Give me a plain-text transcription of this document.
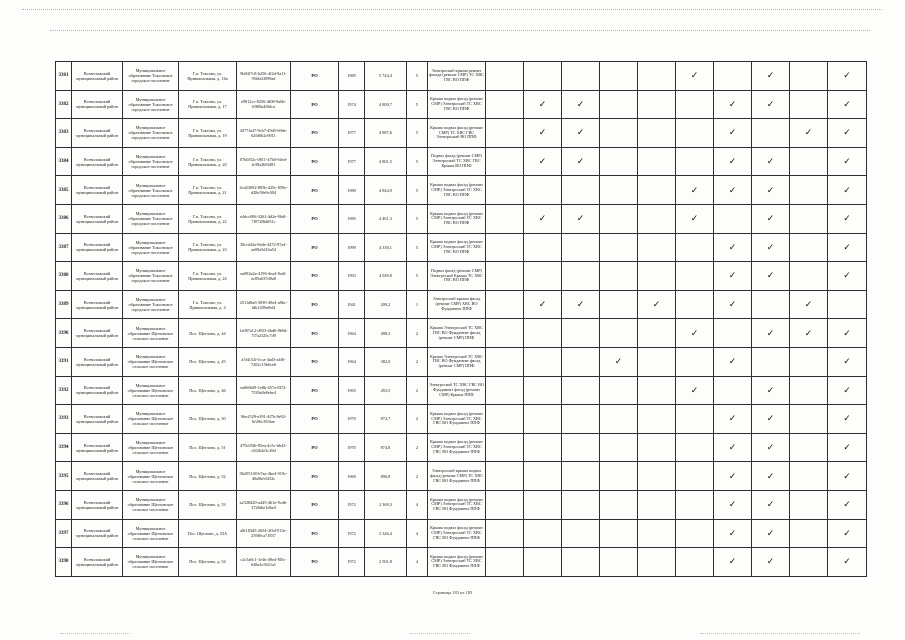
3381	Всеволожский муниципальный район	Муниципальное образование Токсовское городское поселение	Г.п. Токсово, ул. Привокзальная, д. 16а	9b84f7c8-b256-4f2d-9a11-95fde2f099ad	РО	1985	5 744,4	5	Электроснаб крыша ремонт фасада (ремонт СМР) ТС ХВС ГВС ВО ППФ						✓		✓		✓
3382	Всеволожский муниципальный район	Муниципальное образование Токсовское городское поселение	Г.п. Токсово, ул. Привокзальная, д. 17	e9812cc-8256-4f08-9a6b-f0f08a4f0dca	РО	1974	4 800,7	5	Крыша подвал фасад (ремонт СМР) Электроснаб ТС ХВС ГВС ВО ППФ		✓	✓				✓	✓		✓
3383	Всеволожский муниципальный район	Муниципальное образование Токсовское городское поселение	Г.п. Токсово, ул. Привокзальная, д. 19	2077fa47-9cb7-49d5-b9de-626f0b2c9011	РО	1977	4 887,6	5	Крыша подвал фасад (ремонт СМР) ТС ХВС ГВС Электроснаб ВО ППФ		✓	✓				✓		✓	✓
3384	Всеволожский муниципальный район	Муниципальное образование Токсовское городское поселение	Г.п. Токсово, ул. Привокзальная, д. 20	07b0f52c-0811-47b0-94ed-fe39a2b9f481	РО	1977	4 801,5	5	Подвал фасад (ремонт СМР) Электроснаб ТС ХВС ГВС Крыша ВО ППФ		✓	✓				✓	✓		✓
3385	Всеволожский муниципальный район	Муниципальное образование Токсовское городское поселение	Г.п. Токсово, ул. Привокзальная, д. 21	4cd23692-885b-429c-859e-d28e58e9c004	РО	1980	4 844,9	5	Крыша подвал фасад (ремонт СМР) Электроснаб ТС ХВС ГВС ВО ППФ						✓	✓	✓		✓
3386	Всеволожский муниципальный район	Муниципальное образование Токсовское городское поселение	Г.п. Токсово, ул. Привокзальная, д. 22	e4dcc006-3262-4d2e-96df-7f0728b6f51c	РО	1985	4 461,3	5	Крыша подвал фасад (ремонт СМР) Электроснаб ТС ХВС ГВС ВО ППФ		✓	✓			✓		✓		✓
3387	Всеволожский муниципальный район	Муниципальное образование Токсовское городское поселение	Г.п. Токсово, ул. Привокзальная, д. 23	38ccd4fa-9dde-4472-97a4-ae09a5d16a54	РО	1999	4 330,1	5	Крыша подвал фасад (ремонт СМР) Электроснаб ТС ХВС ГВС ВО ППФ							✓	✓		✓
3388	Всеволожский муниципальный район	Муниципальное образование Токсовское городское поселение	Г.п. Токсово, ул. Привокзальная, д. 24	ea082a2a-4196-4ea4-8a4f-ac85a637d9a8	РО	1993	4 949,8	5	Подвал фасад (ремонт СМР) Электроснаб Крыша ТС ХВС ГВС ВО ППФ							✓	✓		✓
3389	Всеволожский муниципальный район	Муниципальное образование Токсовское городское поселение	Г.п. Токсово, ул. Привокзальная, д. 4	2511d8a6-3839-49e4-a8bc-fdb1209a9ef4	РО	1941	209,2	1	Электроснаб крыша фасад (ремонт СМР) ХВС ВО Фундамент ППФ		✓	✓		✓		✓		✓	
3390	Всеволожский муниципальный район	Муниципальное образование Щегловское сельское поселение	Пос. Щеглово, д. 44	1a087a12-d923-4bd6-8b9d-7f7a2325c7d9	РО	1964	498,3	2	Крыша Электроснаб ТС ХВС ГВС ВО Фундамент фасад (ремонт СМР) ППФ						✓		✓	✓	✓
3391	Всеволожский муниципальный район	Муниципальное образование Щегловское сельское поселение	Пос. Щеглово, д. 45	a5f4c52f-fcca-4ad3-a4f6-7202c15b6ce6	РО	1964	382,0	2	Крыша Электроснаб ТС ХВС ГВС ВО Фундамент фасад (ремонт СМР) ППФ				✓			✓			✓
3392	Всеволожский муниципальный район	Муниципальное образование Щегловское сельское поселение	Пос. Щеглово, д. 46	ea6666f9-1e8b-457a-8f72-7539a0e8ebe4	РО	1965	453,5	2	Электроснаб ТС ХВС ГВС ВО Фундамент фасад (ремонт СМР) Крыша ППФ						✓		✓		✓
3393	Всеволожский муниципальный район	Муниципальное образование Щегловское сельское поселение	Пос. Щеглово, д. 50	9fecf529-e391-4f7b-8e92-6f2f6c393fae	РО	1970	872,7	2	Крыша подвал фасад (ремонт СМР) Электроснаб ТС ХВС ГВС ВО Фундамент ППФ							✓	✓		✓
3394	Всеволожский муниципальный район	Муниципальное образование Щегловское сельское поселение	Пос. Щеглово, д. 51	479c05fb-85ea-4c5c-bb43-c0f2b2e3c29d	РО	1970	874,8	2	Крыша подвал фасад (ремонт СМР) Электроснаб ТС ХВС ГВС ВО Фундамент ППФ							✓	✓		✓
3395	Всеволожский муниципальный район	Муниципальное образование Щегловское сельское поселение	Пос. Щеглово, д. 52	0b205148-b7aa-4be4-919c-40a9bfc6f32c	РО	1969	896,8	2	Электроснаб крыша подвал фасад (ремонт СМР) ТС ХВС ГВС ВО Фундамент ППФ							✓	✓		✓
3396	Всеволожский муниципальный район	Муниципальное образование Щегловское сельское поселение	Пос. Щеглово, д. 53	a2328420-a445-461e-9cdb-3726fbe1dbe4	РО	1972	2 369,3	4	Крыша подвал фасад (ремонт СМР) Электроснаб ТС ХВС ГВС ВО Фундамент ППФ							✓	✓		✓
3397	Всеволожский муниципальный район	Муниципальное образование Щегловское сельское поселение	Пос. Щеглово, д. 53А	a0f183d5-2654-4f3d-913e-259f0ca71837	РО	1972	2 346,4	4	Крыша подвал фасад (ремонт СМР) Электроснаб ТС ХВС ГВС ВО Фундамент ППФ							✓	✓		✓
3398	Всеволожский муниципальный район	Муниципальное образование Щегловское сельское поселение	Пос. Щеглово, д. 54	c2c5a8c1-1e3b-49e4-8f5c-648a4c5621a1	РО	1972	2 501,8	4	Крыша подвал фасад (ремонт СМР) Электроснаб ТС ХВС ГВС ВО Фундамент ППФ							✓	✓		✓
Страница 183 из 183
